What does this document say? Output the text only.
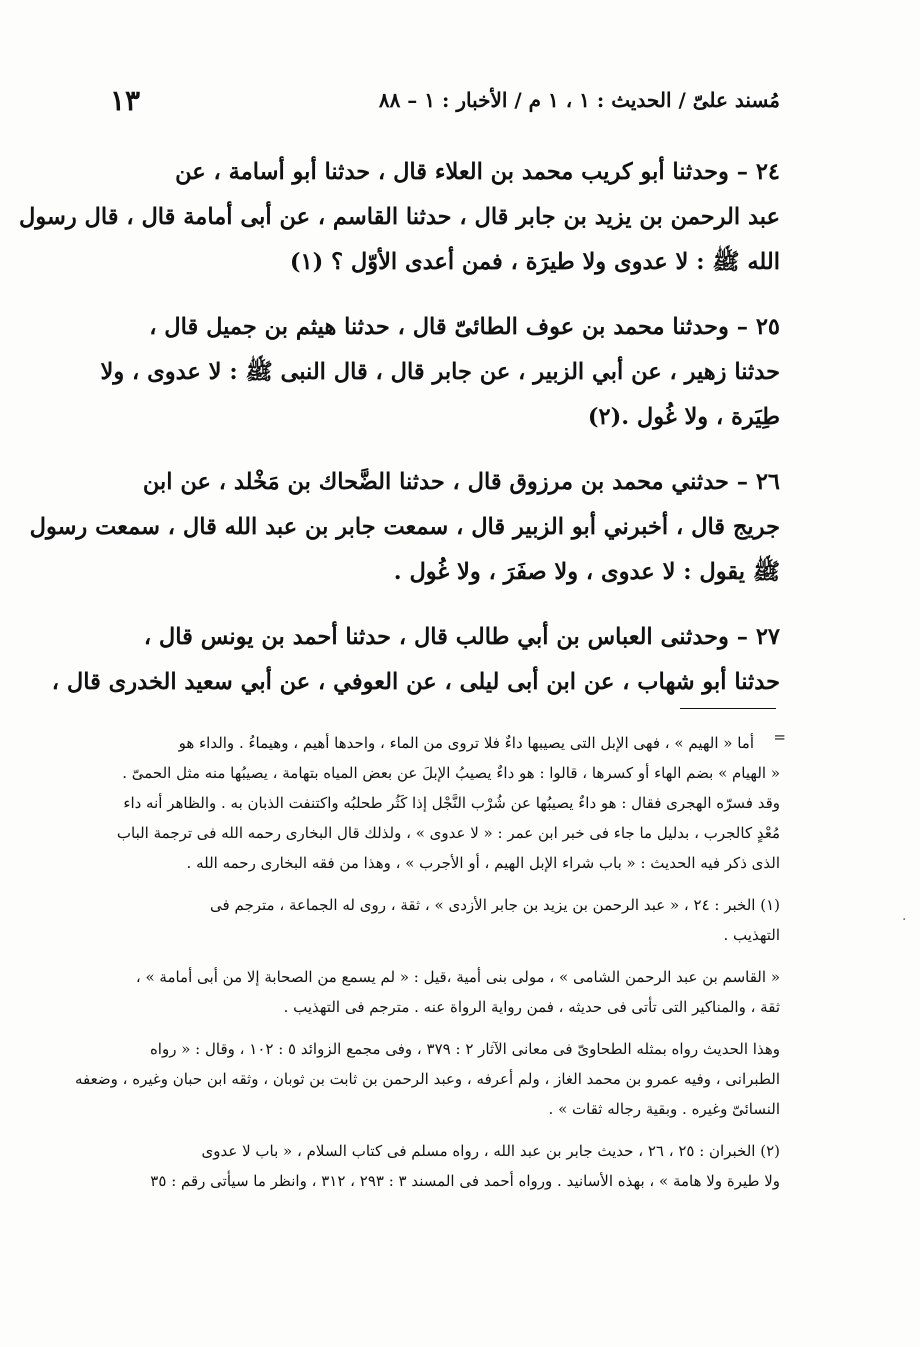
١٣	مُسند علىّ / الحديث : ١ ، ١ م / الأخبار : ١ – ٨٨
٢٤ – وحدثنا أبو كريب محمد بن العلاء قال ، حدثنا أبو أسامة ، عن
عبد الرحمن بن يزيد بن جابر قال ، حدثنا القاسم ، عن أبى أمامة قال ، قال رسول
الله ﷺ : لا عدوى ولا طيرَة ، فمن أعدى الأوّل ؟ (١)
٢٥ – وحدثنا محمد بن عوف الطائىّ قال ، حدثنا هيثم بن جميل قال ،
حدثنا زهير ، عن أبي الزبير ، عن جابر قال ، قال النبى ﷺ : لا عدوى ، ولا
طِيَرة ، ولا غُول .(٢)
٢٦ – حدثني محمد بن مرزوق قال ، حدثنا الضَّحاك بن مَخْلد ، عن ابن
جريج قال ، أخبرني أبو الزبير قال ، سمعت جابر بن عبد الله قال ، سمعت رسول
ﷺ يقول : لا عدوى ، ولا صفَرَ ، ولا غُول .
٢٧ – وحدثنى العباس بن أبي طالب قال ، حدثنا أحمد بن يونس قال ،
حدثنا أبو شهاب ، عن ابن أبى ليلى ، عن العوفي ، عن أبي سعيد الخدرى قال ،
=
أما « الهيم » ، فهى الإبل التى يصيبها داءٌ فلا تروى من الماء ، واحدها أهيم ، وهيماءُ . والداء هو
« الهيام » بضم الهاء أو كسرها ، قالوا : هو داءٌ يصيبُ الإبلَ عن بعض المياه بتهامة ، يصيبُها منه مثل الحمىّ .
وقد فسرّه الهجرى فقال : هو داءٌ يصيبُها عن شُرْب النَّجْل إذا كَثُر طحلبُه واكتنفت الذبان به . والظاهر أنه داء
مُعْدٍ كالجرب ، بدليل ما جاء فى خبر ابن عمر : « لا عدوى » ، ولذلك قال البخارى رحمه الله فى ترجمة الباب
الذى ذكر فيه الحديث : « باب شراء الإبل الهيم ، أو الأجرب » ، وهذا من فقه البخارى رحمه الله .
(١) الخبر : ٢٤ ، « عبد الرحمن بن يزيد بن جابر الأزدى » ، ثقة ، روى له الجماعة ، مترجم فى
التهذيب .
« القاسم بن عبد الرحمن الشامى » ، مولى بنى أمية ،قيل : « لم يسمع من الصحابة إلا من أبى أمامة » ،
ثقة ، والمناكير التى تأتى فى حديثه ، فمن رواية الرواة عنه . مترجم فى التهذيب .
وهذا الحديث رواه بمثله الطحاوىّ فى معانى الآثار ٢ : ٣٧٩ ، وفى مجمع الزوائد ٥ : ١٠٢ ، وقال : « رواه
الطبرانى ، وفيه عمرو بن محمد الغاز ، ولم أعرفه ، وعبد الرحمن بن ثابت بن ثوبان ، وثقه ابن حبان وغيره ، وضعفه
النسائىّ وغيره . وبقية رجاله ثقات » .
(٢) الخبران : ٢٥ ، ٢٦ ، حديث جابر بن عبد الله ، رواه مسلم فى كتاب السلام ، « باب لا عدوى
ولا طيرة ولا هامة » ، بهذه الأسانيد . ورواه أحمد فى المسند ٣ : ٢٩٣ ، ٣١٢ ، وانظر ما سيأتى رقم : ٣٥
·
